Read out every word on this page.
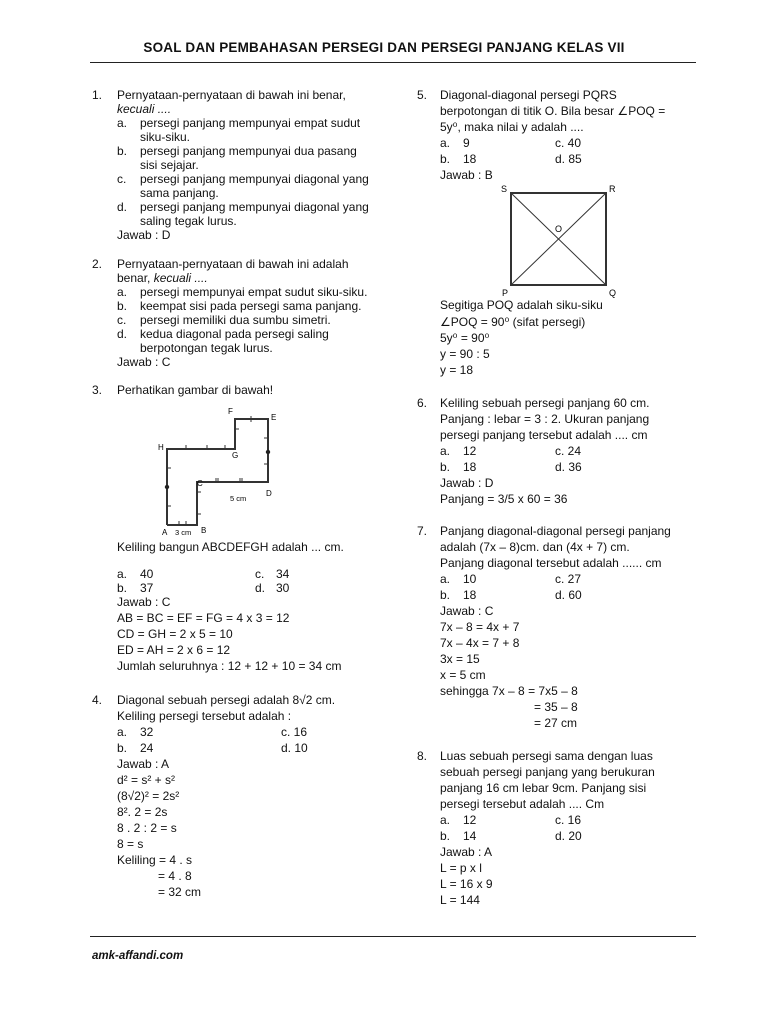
SOAL DAN PEMBAHASAN PERSEGI DAN PERSEGI PANJANG KELAS VII
1. Pernyataan-pernyataan di bawah ini benar,
kecuali ....
a. persegi panjang mempunyai empat sudut
siku-siku.
b. persegi panjang mempunyai dua pasang
sisi sejajar.
c. persegi panjang mempunyai diagonal yang
sama panjang.
d. persegi panjang mempunyai diagonal yang
saling tegak lurus.
Jawab : D
2. Pernyataan-pernyataan di bawah ini adalah
benar, kecuali ....
a. persegi mempunyai empat sudut siku-siku.
b. keempat sisi pada persegi sama panjang.
c. persegi memiliki dua sumbu simetri.
d. kedua diagonal pada persegi saling
berpotongan tegak lurus.
Jawab : C
3. Perhatikan gambar di bawah!
A	B
C
D
E
F
G
H
3 cm
5 cm
Keliling bangun ABCDEFGH adalah ... cm.
a. 40	c. 34
b. 37	d. 30
Jawab : C
AB = BC = EF = FG = 4 x 3 = 12
CD = GH = 2 x 5 = 10
ED = AH = 2 x 6 = 12
Jumlah seluruhnya : 12 + 12 + 10 = 34 cm
4. Diagonal sebuah persegi adalah 8√2 cm.
Keliling persegi tersebut adalah :
a. 32	c. 16
b. 24	d. 10
Jawab : A
d² = s² + s²
(8√2)² = 2s²
8². 2 = 2s
8 . 2 : 2 = s
8 = s
Keliling = 4 . s
= 4 . 8
= 32 cm
5. Diagonal-diagonal persegi PQRS
berpotongan di titik O. Bila besar ∠POQ =
5y⁰, maka nilai y adalah ....
a. 9	c. 40
b. 18	d. 85
Jawab : B
S	R
P	Q
O
Segitiga POQ adalah siku-siku
∠POQ = 90⁰ (sifat persegi)
5y⁰ = 90⁰
y = 90 : 5
y = 18
6. Keliling sebuah persegi panjang 60 cm.
Panjang : lebar = 3 : 2. Ukuran panjang
persegi panjang tersebut adalah .... cm
a. 12	c. 24
b. 18	d. 36
Jawab : D
Panjang = 3/5 x 60 = 36
7. Panjang diagonal-diagonal persegi panjang
adalah (7x – 8)cm. dan (4x + 7) cm.
Panjang diagonal tersebut adalah ...... cm
a. 10	c. 27
b. 18	d. 60
Jawab : C
7x – 8 = 4x + 7
7x – 4x = 7 + 8
3x = 15
x = 5 cm
sehingga 7x – 8 = 7x5 – 8
= 35 – 8
= 27 cm
8. Luas sebuah persegi sama dengan luas
sebuah persegi panjang yang berukuran
panjang 16 cm lebar 9cm. Panjang sisi
persegi tersebut adalah .... Cm
a. 12	c. 16
b. 14	d. 20
Jawab : A
L = p x l
L = 16 x 9
L = 144
amk-affandi.com
